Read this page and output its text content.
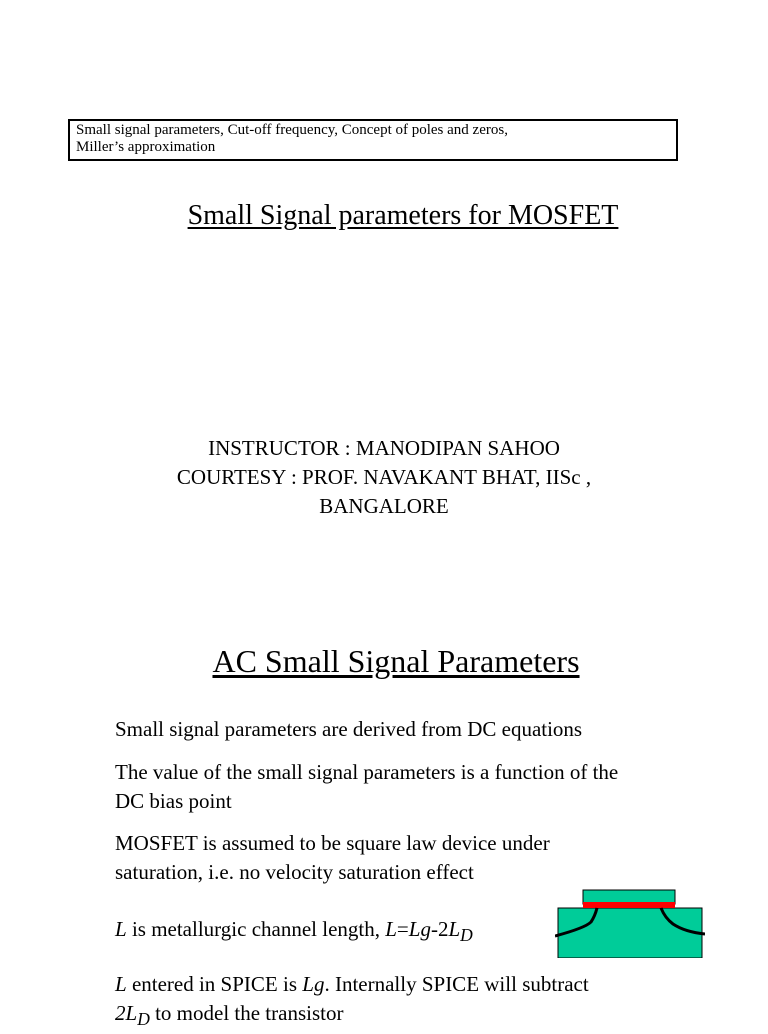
Small signal parameters, Cut-off frequency, Concept of poles and zeros,
Miller’s approximation
Small Signal parameters for MOSFET
INSTRUCTOR : MANODIPAN SAHOO
COURTESY : PROF. NAVAKANT BHAT, IISc ,
BANGALORE
AC Small Signal Parameters
Small signal parameters are derived from DC equations
The value of the small signal parameters is a function of the DC bias point
MOSFET is assumed to be square law device under saturation, i.e. no velocity saturation effect
L is metallurgic channel length, $L=Lg-2L_D$
L entered in SPICE is Lg. Internally SPICE will subtract $2L_D$ to model the transistor
